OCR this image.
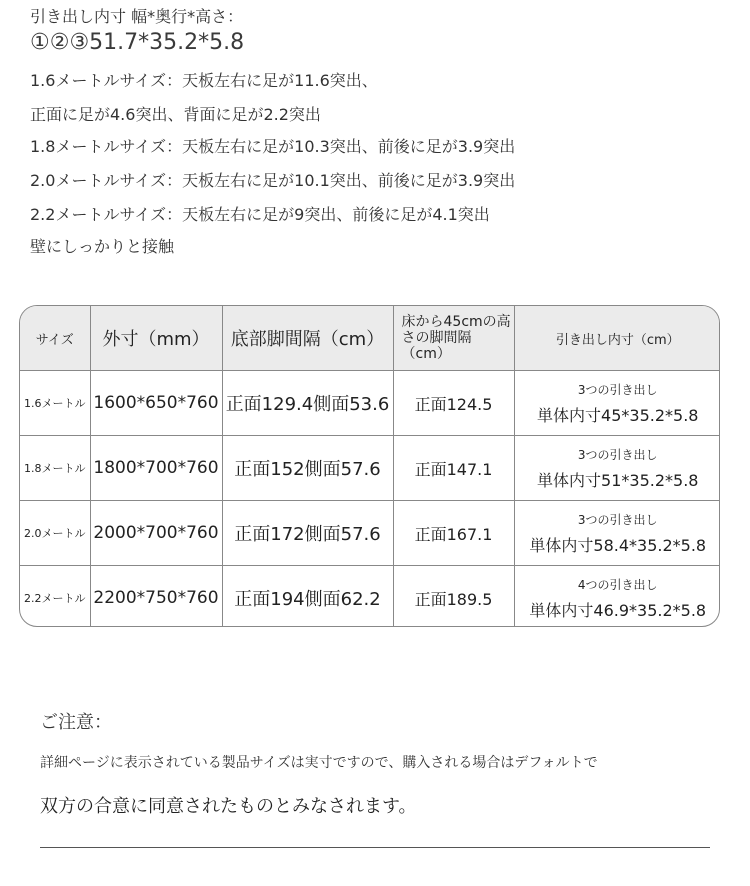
引き出し内寸 幅*奥行*高さ：
①②③51.7*35.2*5.8
1.6メートルサイズ：天板左右に足が11.6突出、
正面に足が4.6突出、背面に足が2.2突出
1.8メートルサイズ：天板左右に足が10.3突出、前後に足が3.9突出
2.0メートルサイズ：天板左右に足が10.1突出、前後に足が3.9突出
2.2メートルサイズ：天板左右に足が9突出、前後に足が4.1突出
壁にしっかりと接触
サイズ	外寸（mm）	底部脚間隔（cm）	床から45cmの高さの脚間隔（cm）	引き出し内寸（cm）
1.6メートル	1600*650*760	正面129.4側面53.6	正面124.5	3つの引き出し
単体内寸45*35.2*5.8

1.8メートル	1800*700*760	正面152側面57.6	正面147.1	3つの引き出し
単体内寸51*35.2*5.8

2.0メートル	2000*700*760	正面172側面57.6	正面167.1	3つの引き出し
単体内寸58.4*35.2*5.8

2.2メートル	2200*750*760	正面194側面62.2	正面189.5	4つの引き出し
単体内寸46.9*35.2*5.8
ご注意：
詳細ページに表示されている製品サイズは実寸ですので、購入される場合はデフォルトで
双方の合意に同意されたものとみなされます。
